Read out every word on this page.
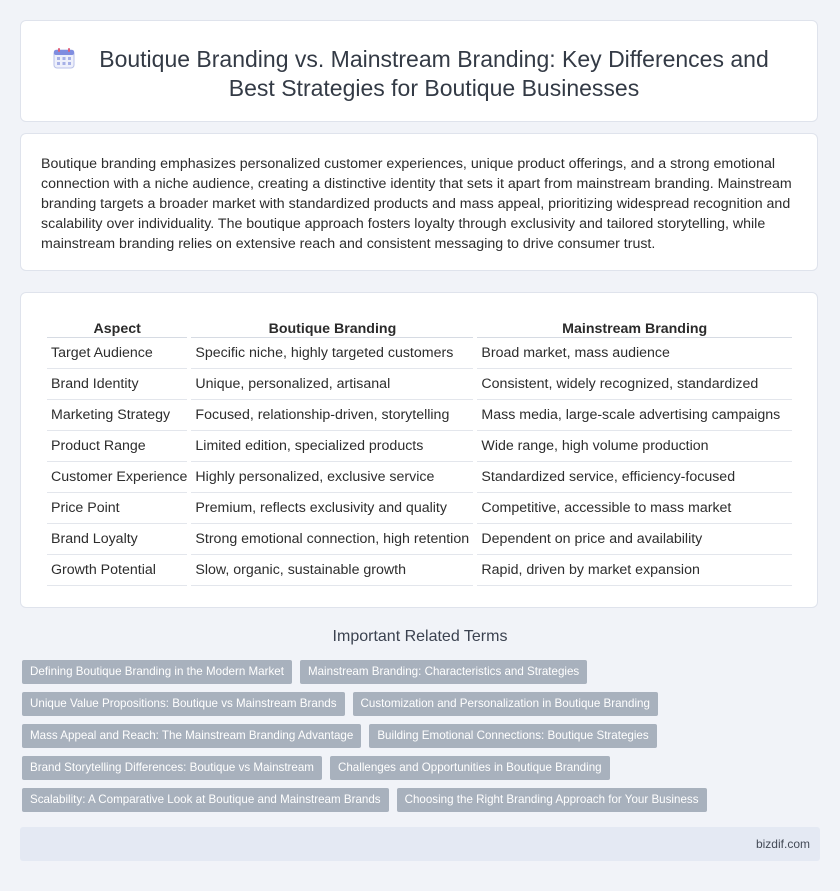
Boutique Branding vs. Mainstream Branding: Key Differences and
Best Strategies for Boutique Businesses

Boutique branding emphasizes personalized customer experiences, unique product offerings, and a strong emotional connection with a niche audience, creating a distinctive identity that sets it apart from mainstream branding. Mainstream branding targets a broader market with standardized products and mass appeal, prioritizing widespread recognition and scalability over individuality. The boutique approach fosters loyalty through exclusivity and tailored storytelling, while mainstream branding relies on extensive reach and consistent messaging to drive consumer trust.

Aspect	Boutique Branding	Mainstream Branding
Target Audience	Specific niche, highly targeted customers	Broad market, mass audience
Brand Identity	Unique, personalized, artisanal	Consistent, widely recognized, standardized
Marketing Strategy	Focused, relationship-driven, storytelling	Mass media, large-scale advertising campaigns
Product Range	Limited edition, specialized products	Wide range, high volume production
Customer Experience	Highly personalized, exclusive service	Standardized service, efficiency-focused
Price Point	Premium, reflects exclusivity and quality	Competitive, accessible to mass market
Brand Loyalty	Strong emotional connection, high retention	Dependent on price and availability
Growth Potential	Slow, organic, sustainable growth	Rapid, driven by market expansion
Important Related Terms
Defining Boutique Branding in the Modern Market	Mainstream Branding: Characteristics and Strategies
Unique Value Propositions: Boutique vs Mainstream Brands	Customization and Personalization in Boutique Branding
Mass Appeal and Reach: The Mainstream Branding Advantage	Building Emotional Connections: Boutique Strategies
Brand Storytelling Differences: Boutique vs Mainstream	Challenges and Opportunities in Boutique Branding
Scalability: A Comparative Look at Boutique and Mainstream Brands	Choosing the Right Branding Approach for Your Business
bizdif.com
